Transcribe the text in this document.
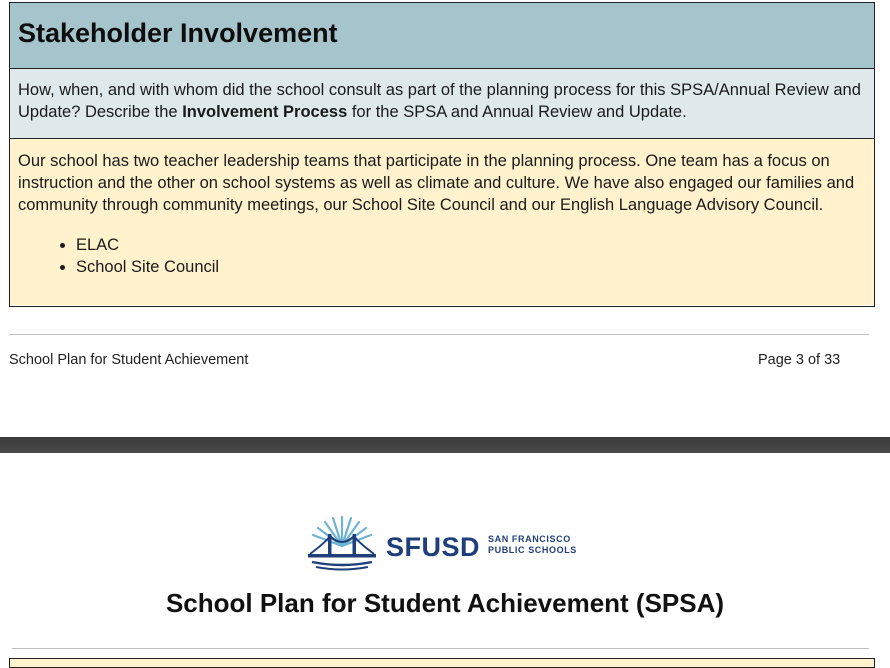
Stakeholder Involvement
How, when, and with whom did the school consult as part of the planning process for this SPSA/Annual Review and Update? Describe the Involvement Process for the SPSA and Annual Review and Update.
Our school has two teacher leadership teams that participate in the planning process. One team has a focus on instruction and the other on school systems as well as climate and culture. We have also engaged our families and community through community meetings, our School Site Council and our English Language Advisory Council.
• ELAC
• School Site Council
School Plan for Student Achievement	Page 3 of 33
SFUSD SAN FRANCISCO
PUBLIC SCHOOLS
School Plan for Student Achievement (SPSA)
